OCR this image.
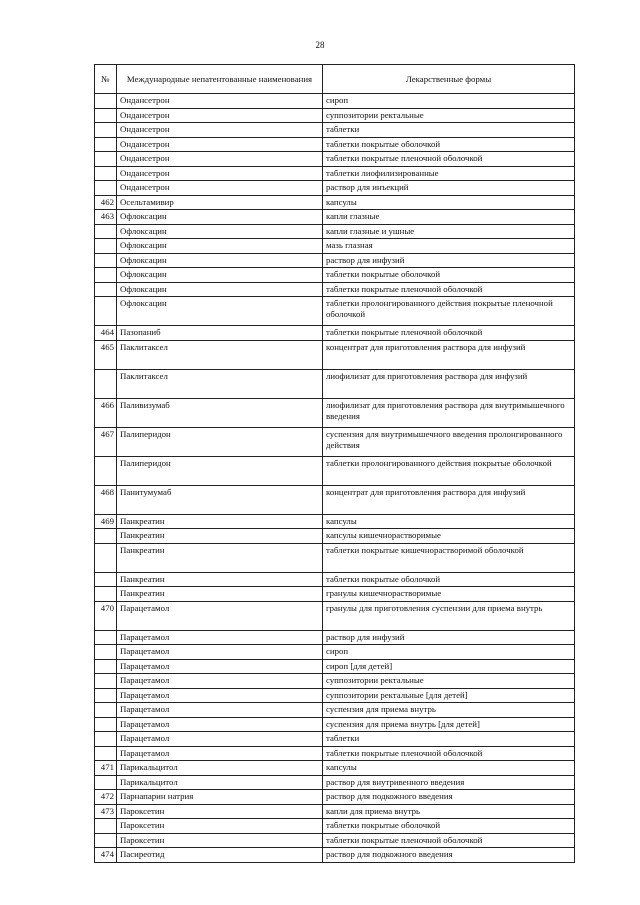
28
№	Международные непатентованные наименования	Лекарственные формы
	Ондансетрон	сироп
	Ондансетрон	суппозитории ректальные
	Ондансетрон	таблетки
	Ондансетрон	таблетки покрытые оболочкой
	Ондансетрон	таблетки покрытые пленочной оболочкой
	Ондансетрон	таблетки лиофилизированные
	Ондансетрон	раствор для инъекций
462	Осельтамивир	капсулы
463	Офлоксацин	капли глазные
	Офлоксацин	капли глазные и ушные
	Офлоксацин	мазь глазная
	Офлоксацин	раствор для инфузий
	Офлоксацин	таблетки покрытые оболочкой
	Офлоксацин	таблетки покрытые пленочной оболочкой
	Офлоксацин	таблетки пролонгированного действия покрытые пленочной оболочкой
464	Пазопаниб	таблетки покрытые пленочной оболочкой
465	Паклитаксел	концентрат для приготовления раствора для инфузий
	Паклитаксел	лиофилизат для приготовления раствора для инфузий
466	Паливизумаб	лиофилизат для приготовления раствора для внутримышечного введения
467	Палиперидон	суспензия для внутримышечного введения пролонгированного действия
	Палиперидон	таблетки пролонгированного действия покрытые оболочкой
468	Панитумумаб	концентрат для приготовления раствора для инфузий
469	Панкреатин	капсулы
	Панкреатин	капсулы кишечнорастворимые
	Панкреатин	таблетки покрытые кишечнорастворимой оболочкой
	Панкреатин	таблетки покрытые оболочкой
	Панкреатин	гранулы кишечнорастворимые
470	Парацетамол	гранулы для приготовления суспензии для приема внутрь
	Парацетамол	раствор для инфузий
	Парацетамол	сироп
	Парацетамол	сироп [для детей]
	Парацетамол	суппозитории ректальные
	Парацетамол	суппозитории ректальные [для детей]
	Парацетамол	суспензия для приема внутрь
	Парацетамол	суспензия для приема внутрь [для детей]
	Парацетамол	таблетки
	Парацетамол	таблетки покрытые пленочной оболочкой
471	Парикальцитол	капсулы
	Парикальцитол	раствор для внутривенного введения
472	Парнапарин натрия	раствор для подкожного введения
473	Пароксетин	капли для приема внутрь
	Пароксетин	таблетки покрытые оболочкой
	Пароксетин	таблетки покрытые пленочной оболочкой
474	Пасиреотид	раствор для подкожного введения
